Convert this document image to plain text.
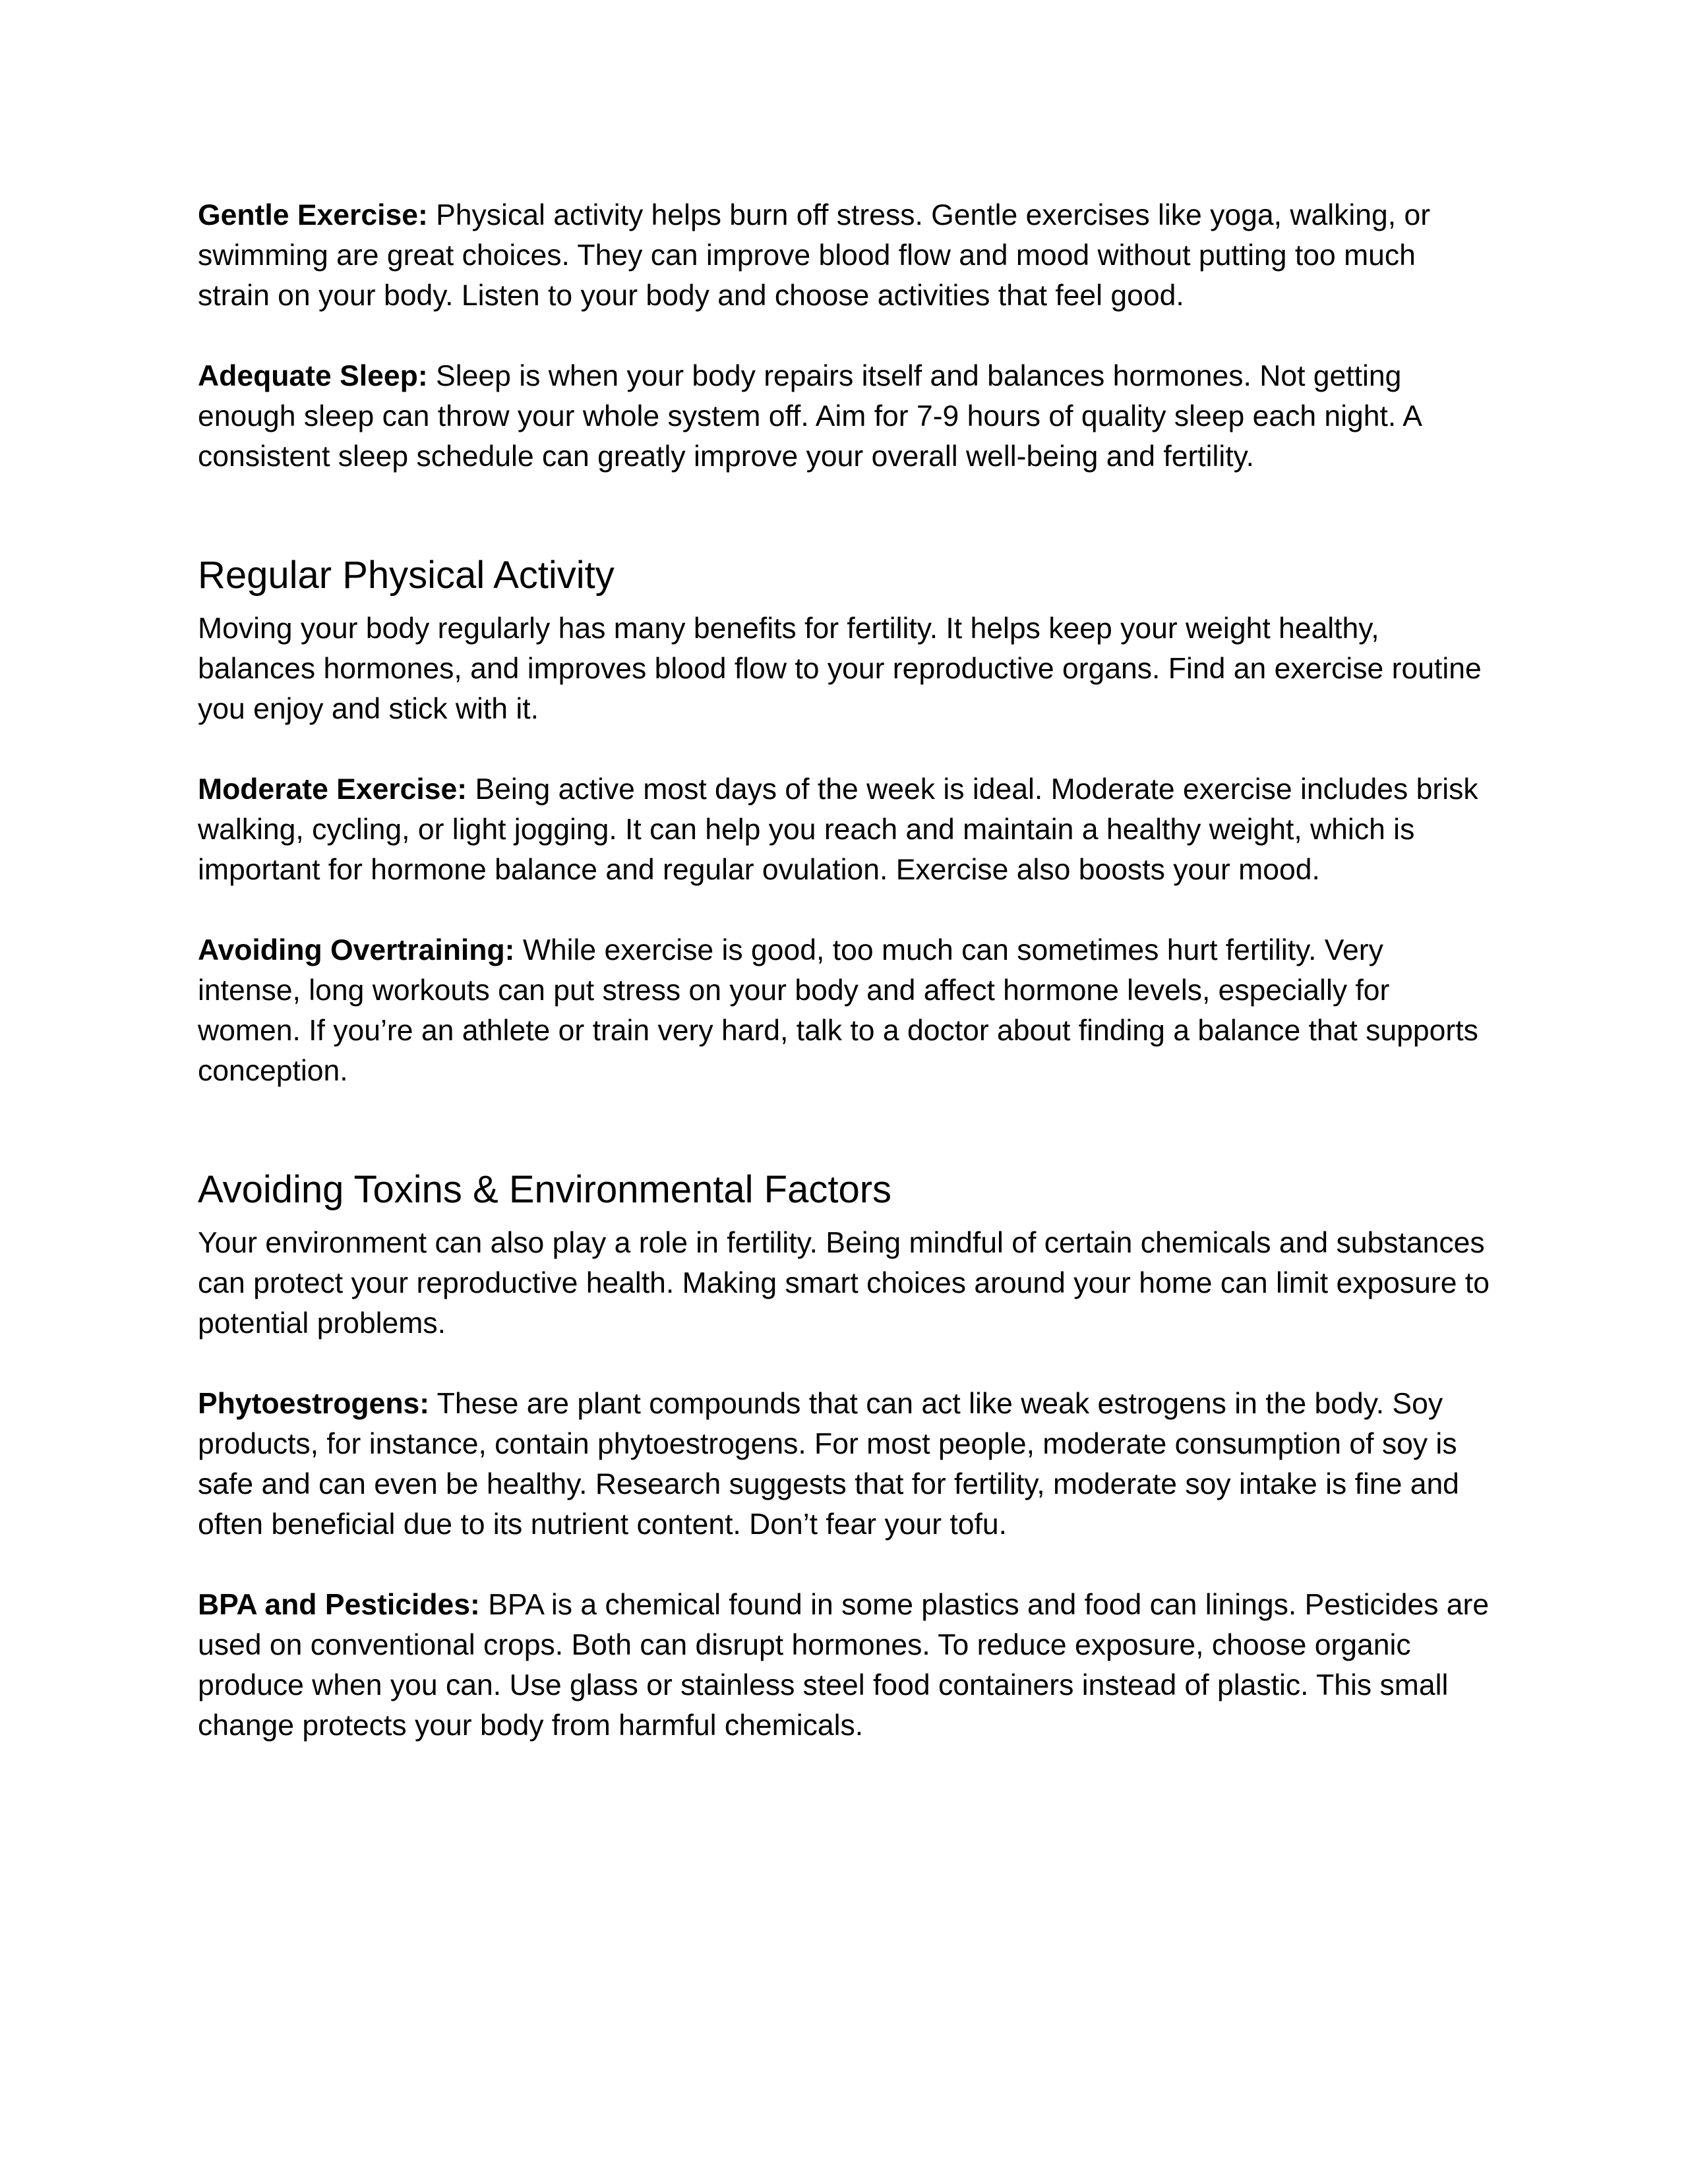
Gentle Exercise: Physical activity helps burn off stress. Gentle exercises like yoga, walking, or swimming are great choices. They can improve blood flow and mood without putting too much strain on your body. Listen to your body and choose activities that feel good.

Adequate Sleep: Sleep is when your body repairs itself and balances hormones. Not getting enough sleep can throw your whole system off. Aim for 7-9 hours of quality sleep each night. A consistent sleep schedule can greatly improve your overall well-being and fertility.

Regular Physical Activity

Moving your body regularly has many benefits for fertility. It helps keep your weight healthy, balances hormones, and improves blood flow to your reproductive organs. Find an exercise routine you enjoy and stick with it.

Moderate Exercise: Being active most days of the week is ideal. Moderate exercise includes brisk walking, cycling, or light jogging. It can help you reach and maintain a healthy weight, which is important for hormone balance and regular ovulation. Exercise also boosts your mood.

Avoiding Overtraining: While exercise is good, too much can sometimes hurt fertility. Very intense, long workouts can put stress on your body and affect hormone levels, especially for women. If you’re an athlete or train very hard, talk to a doctor about finding a balance that supports conception.

Avoiding Toxins & Environmental Factors

Your environment can also play a role in fertility. Being mindful of certain chemicals and substances can protect your reproductive health. Making smart choices around your home can limit exposure to potential problems.

Phytoestrogens: These are plant compounds that can act like weak estrogens in the body. Soy products, for instance, contain phytoestrogens. For most people, moderate consumption of soy is safe and can even be healthy. Research suggests that for fertility, moderate soy intake is fine and often beneficial due to its nutrient content. Don’t fear your tofu.

BPA and Pesticides: BPA is a chemical found in some plastics and food can linings. Pesticides are used on conventional crops. Both can disrupt hormones. To reduce exposure, choose organic produce when you can. Use glass or stainless steel food containers instead of plastic. This small change protects your body from harmful chemicals.
